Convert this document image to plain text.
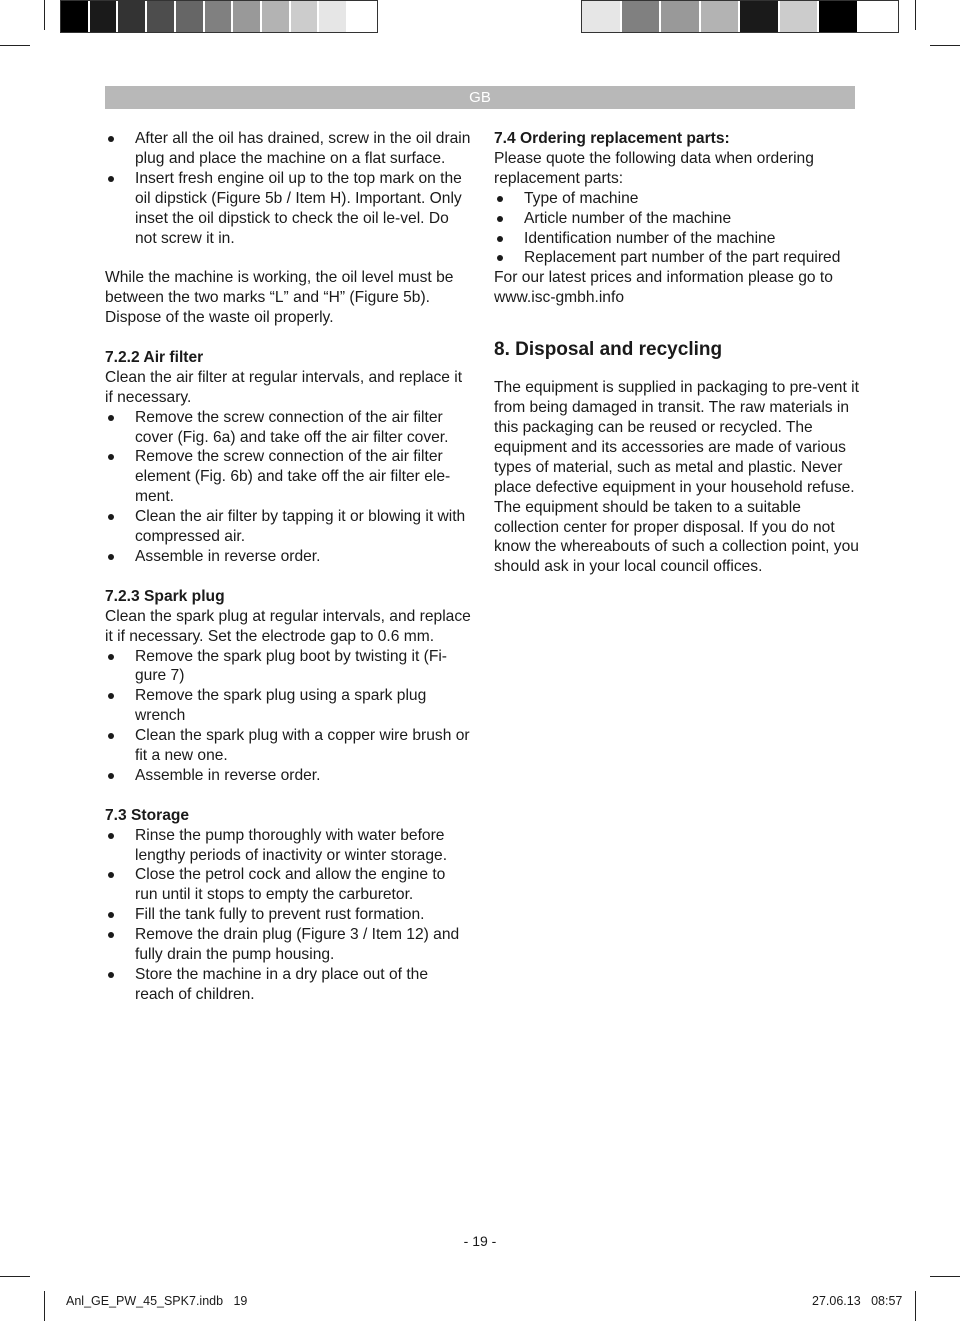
GB
After all the oil has drained, screw in the oil drain plug and place the machine on a flat surface.
Insert fresh engine oil up to the top mark on the oil dipstick (Figure 5b / Item H). Important. Only inset the oil dipstick to check the oil le-vel. Do not screw it in.

While the machine is working, the oil level must be between the two marks “L” and “H” (Figure 5b). Dispose of the waste oil properly.

7.2.2 Air filter

Clean the air filter at regular intervals, and replace it if necessary.

Remove the screw connection of the air filter cover (Fig. 6a) and take off the air filter cover.
Remove the screw connection of the air filter element (Fig. 6b) and take off the air filter ele-ment.
Clean the air filter by tapping it or blowing it with compressed air.
Assemble in reverse order.

7.2.3 Spark plug

Clean the spark plug at regular intervals, and replace it if necessary. Set the electrode gap to 0.6 mm.

Remove the spark plug boot by twisting it (Fi-gure 7)
Remove the spark plug using a spark plug wrench
Clean the spark plug with a copper wire brush or fit a new one.
Assemble in reverse order.

7.3 Storage

Rinse the pump thoroughly with water before lengthy periods of inactivity or winter storage.
Close the petrol cock and allow the engine to run until it stops to empty the carburetor.
Fill the tank fully to prevent rust formation.
Remove the drain plug (Figure 3 / Item 12) and fully drain the pump housing.
Store the machine in a dry place out of the reach of children.

7.4 Ordering replacement parts:

Please quote the following data when ordering replacement parts:

Type of machine
Article number of the machine
Identification number of the machine
Replacement part number of the part required

For our latest prices and information please go to www.isc-gmbh.info

8. Disposal and recycling

The equipment is supplied in packaging to pre-vent it from being damaged in transit. The raw materials in this packaging can be reused or recycled. The equipment and its accessories are made of various types of material, such as metal and plastic. Never place defective equipment in your household refuse. The equipment should be taken to a suitable collection center for proper disposal. If you do not know the whereabouts of such a collection point, you should ask in your local council offices.

- 19 -
Anl_GE_PW_45_SPK7.indb   19	27.06.13   08:57
